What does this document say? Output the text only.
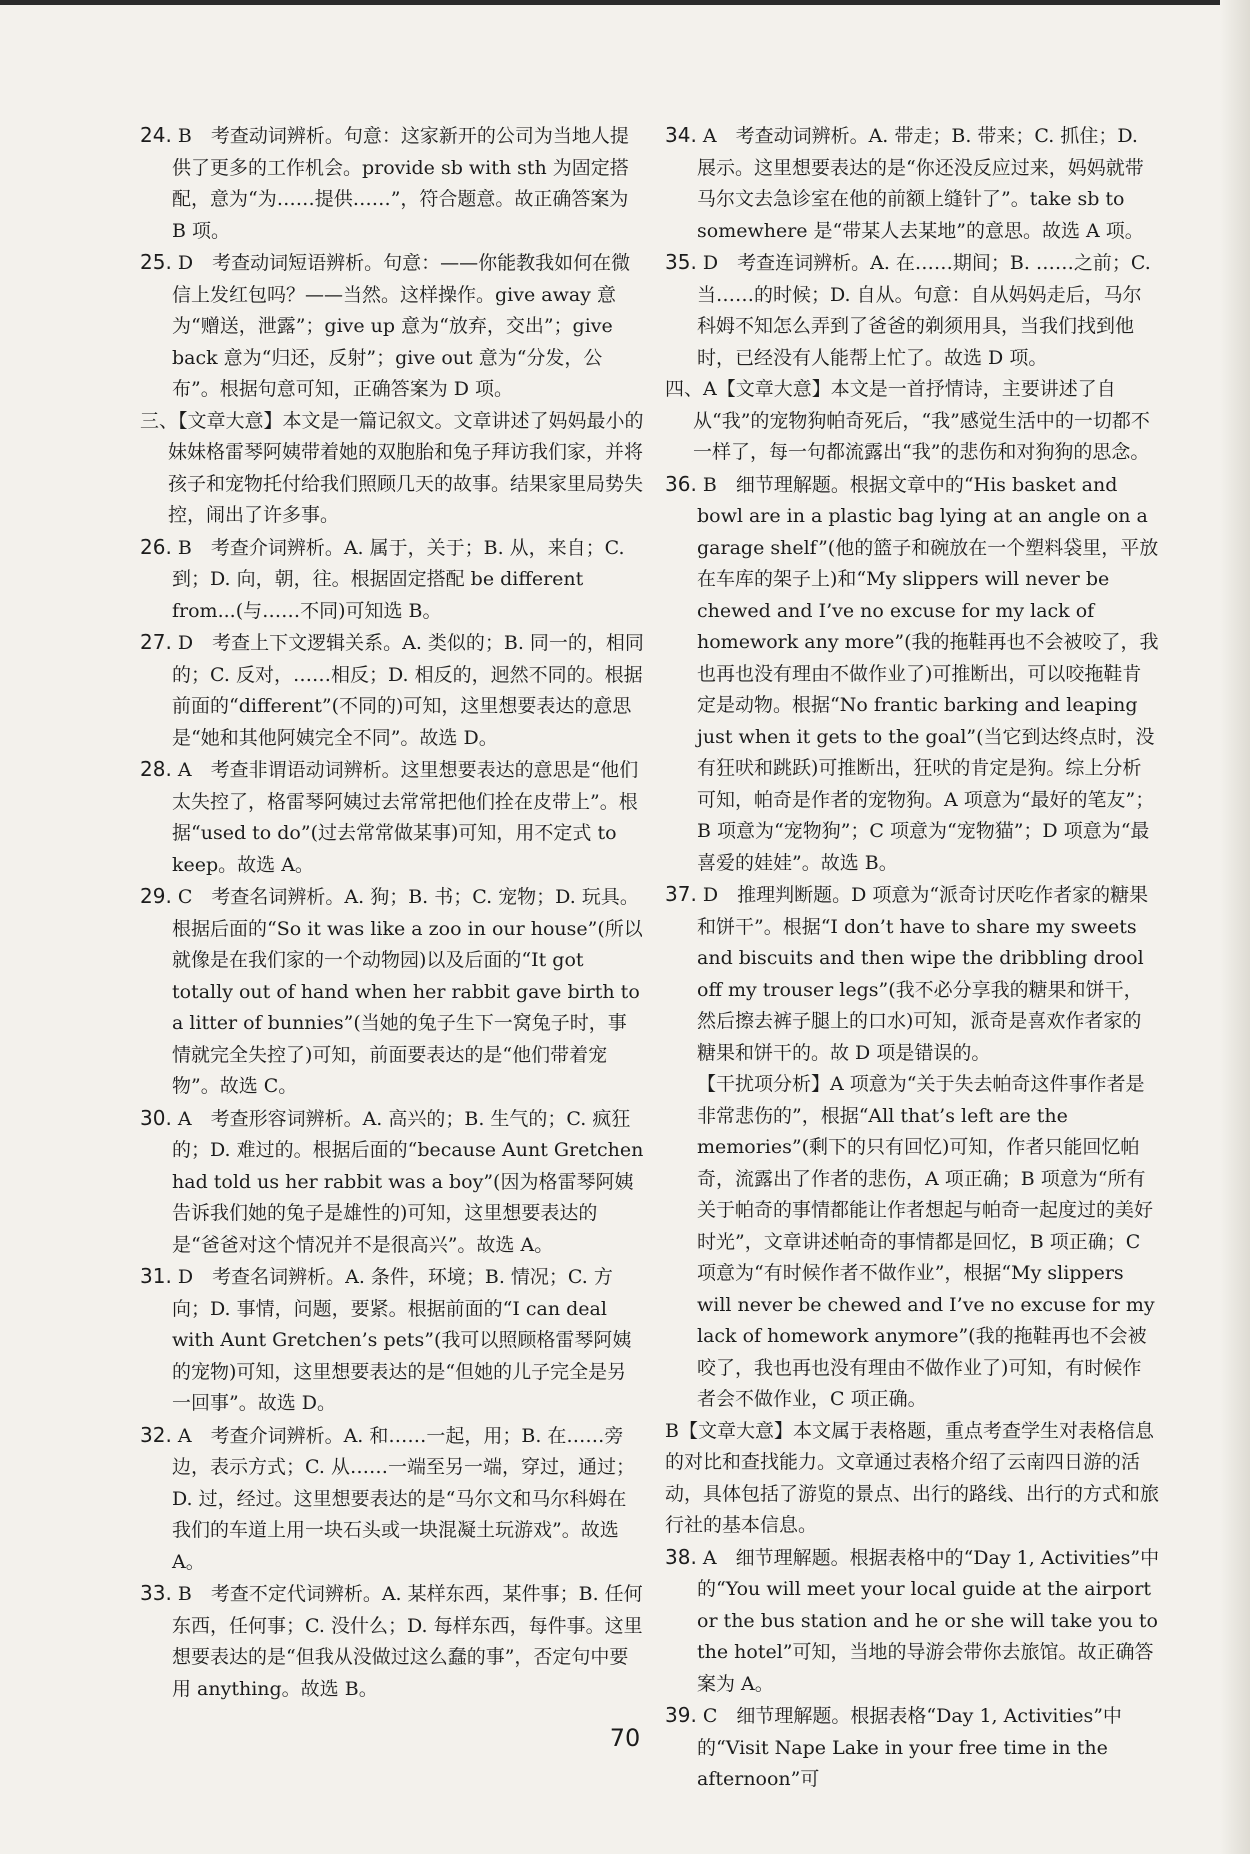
24. B　考查动词辨析。句意：这家新开的公司为当地人提供了更多的工作机会。provide sb with sth 为固定搭配，意为“为……提供……”，符合题意。故正确答案为 B 项。

25. D　考查动词短语辨析。句意：——你能教我如何在微信上发红包吗？——当然。这样操作。give away 意为“赠送，泄露”；give up 意为“放弃，交出”；give back 意为“归还，反射”；give out 意为“分发，公布”。根据句意可知，正确答案为 D 项。

三、【文章大意】本文是一篇记叙文。文章讲述了妈妈最小的妹妹格雷琴阿姨带着她的双胞胎和兔子拜访我们家，并将孩子和宠物托付给我们照顾几天的故事。结果家里局势失控，闹出了许多事。

26. B　考查介词辨析。A. 属于，关于；B. 从，来自；C. 到；D. 向，朝，往。根据固定搭配 be different from...(与……不同)可知选 B。

27. D　考查上下文逻辑关系。A. 类似的；B. 同一的，相同的；C. 反对，……相反；D. 相反的，迥然不同的。根据前面的“different”(不同的)可知，这里想要表达的意思是“她和其他阿姨完全不同”。故选 D。

28. A　考查非谓语动词辨析。这里想要表达的意思是“他们太失控了，格雷琴阿姨过去常常把他们拴在皮带上”。根据“used to do”(过去常常做某事)可知，用不定式 to keep。故选 A。

29. C　考查名词辨析。A. 狗；B. 书；C. 宠物；D. 玩具。根据后面的“So it was like a zoo in our house”(所以就像是在我们家的一个动物园)以及后面的“It got totally out of hand when her rabbit gave birth to a litter of bunnies”(当她的兔子生下一窝兔子时，事情就完全失控了)可知，前面要表达的是“他们带着宠物”。故选 C。

30. A　考查形容词辨析。A. 高兴的；B. 生气的；C. 疯狂的；D. 难过的。根据后面的“because Aunt Gretchen had told us her rabbit was a boy”(因为格雷琴阿姨告诉我们她的兔子是雄性的)可知，这里想要表达的是“爸爸对这个情况并不是很高兴”。故选 A。

31. D　考查名词辨析。A. 条件，环境；B. 情况；C. 方向；D. 事情，问题，要紧。根据前面的“I can deal with Aunt Gretchen’s pets”(我可以照顾格雷琴阿姨的宠物)可知，这里想要表达的是“但她的儿子完全是另一回事”。故选 D。

32. A　考查介词辨析。A. 和……一起，用；B. 在……旁边，表示方式；C. 从……一端至另一端，穿过，通过；D. 过，经过。这里想要表达的是“马尔文和马尔科姆在我们的车道上用一块石头或一块混凝土玩游戏”。故选 A。

33. B　考查不定代词辨析。A. 某样东西，某件事；B. 任何东西，任何事；C. 没什么；D. 每样东西，每件事。这里想要表达的是“但我从没做过这么蠢的事”，否定句中要用 anything。故选 B。

34. A　考查动词辨析。A. 带走；B. 带来；C. 抓住；D. 展示。这里想要表达的是“你还没反应过来，妈妈就带马尔文去急诊室在他的前额上缝针了”。take sb to somewhere 是“带某人去某地”的意思。故选 A 项。

35. D　考查连词辨析。A. 在……期间；B. ……之前；C. 当……的时候；D. 自从。句意：自从妈妈走后，马尔科姆不知怎么弄到了爸爸的剃须用具，当我们找到他时，已经没有人能帮上忙了。故选 D 项。

四、A【文章大意】本文是一首抒情诗，主要讲述了自从“我”的宠物狗帕奇死后，“我”感觉生活中的一切都不一样了，每一句都流露出“我”的悲伤和对狗狗的思念。

36. B　细节理解题。根据文章中的“His basket and bowl are in a plastic bag lying at an angle on a garage shelf”(他的篮子和碗放在一个塑料袋里，平放在车库的架子上)和“My slippers will never be chewed and I’ve no excuse for my lack of homework any more”(我的拖鞋再也不会被咬了，我也再也没有理由不做作业了)可推断出，可以咬拖鞋肯定是动物。根据“No frantic barking and leaping just when it gets to the goal”(当它到达终点时，没有狂吠和跳跃)可推断出，狂吠的肯定是狗。综上分析可知，帕奇是作者的宠物狗。A 项意为“最好的笔友”；B 项意为“宠物狗”；C 项意为“宠物猫”；D 项意为“最喜爱的娃娃”。故选 B。

37. D　推理判断题。D 项意为“派奇讨厌吃作者家的糖果和饼干”。根据“I don’t have to share my sweets and biscuits and then wipe the dribbling drool off my trouser legs”(我不必分享我的糖果和饼干，然后擦去裤子腿上的口水)可知，派奇是喜欢作者家的糖果和饼干的。故 D 项是错误的。

【干扰项分析】A 项意为“关于失去帕奇这件事作者是非常悲伤的”，根据“All that’s left are the memories”(剩下的只有回忆)可知，作者只能回忆帕奇，流露出了作者的悲伤，A 项正确；B 项意为“所有关于帕奇的事情都能让作者想起与帕奇一起度过的美好时光”，文章讲述帕奇的事情都是回忆，B 项正确；C 项意为“有时候作者不做作业”，根据“My slippers will never be chewed and I’ve no excuse for my lack of homework anymore”(我的拖鞋再也不会被咬了，我也再也没有理由不做作业了)可知，有时候作者会不做作业，C 项正确。

B【文章大意】本文属于表格题，重点考查学生对表格信息的对比和查找能力。文章通过表格介绍了云南四日游的活动，具体包括了游览的景点、出行的路线、出行的方式和旅行社的基本信息。

38. A　细节理解题。根据表格中的“Day 1, Activities”中的“You will meet your local guide at the airport or the bus station and he or she will take you to the hotel”可知，当地的导游会带你去旅馆。故正确答案为 A。

39. C　细节理解题。根据表格“Day 1, Activities”中的“Visit Nape Lake in your free time in the afternoon”可

70
